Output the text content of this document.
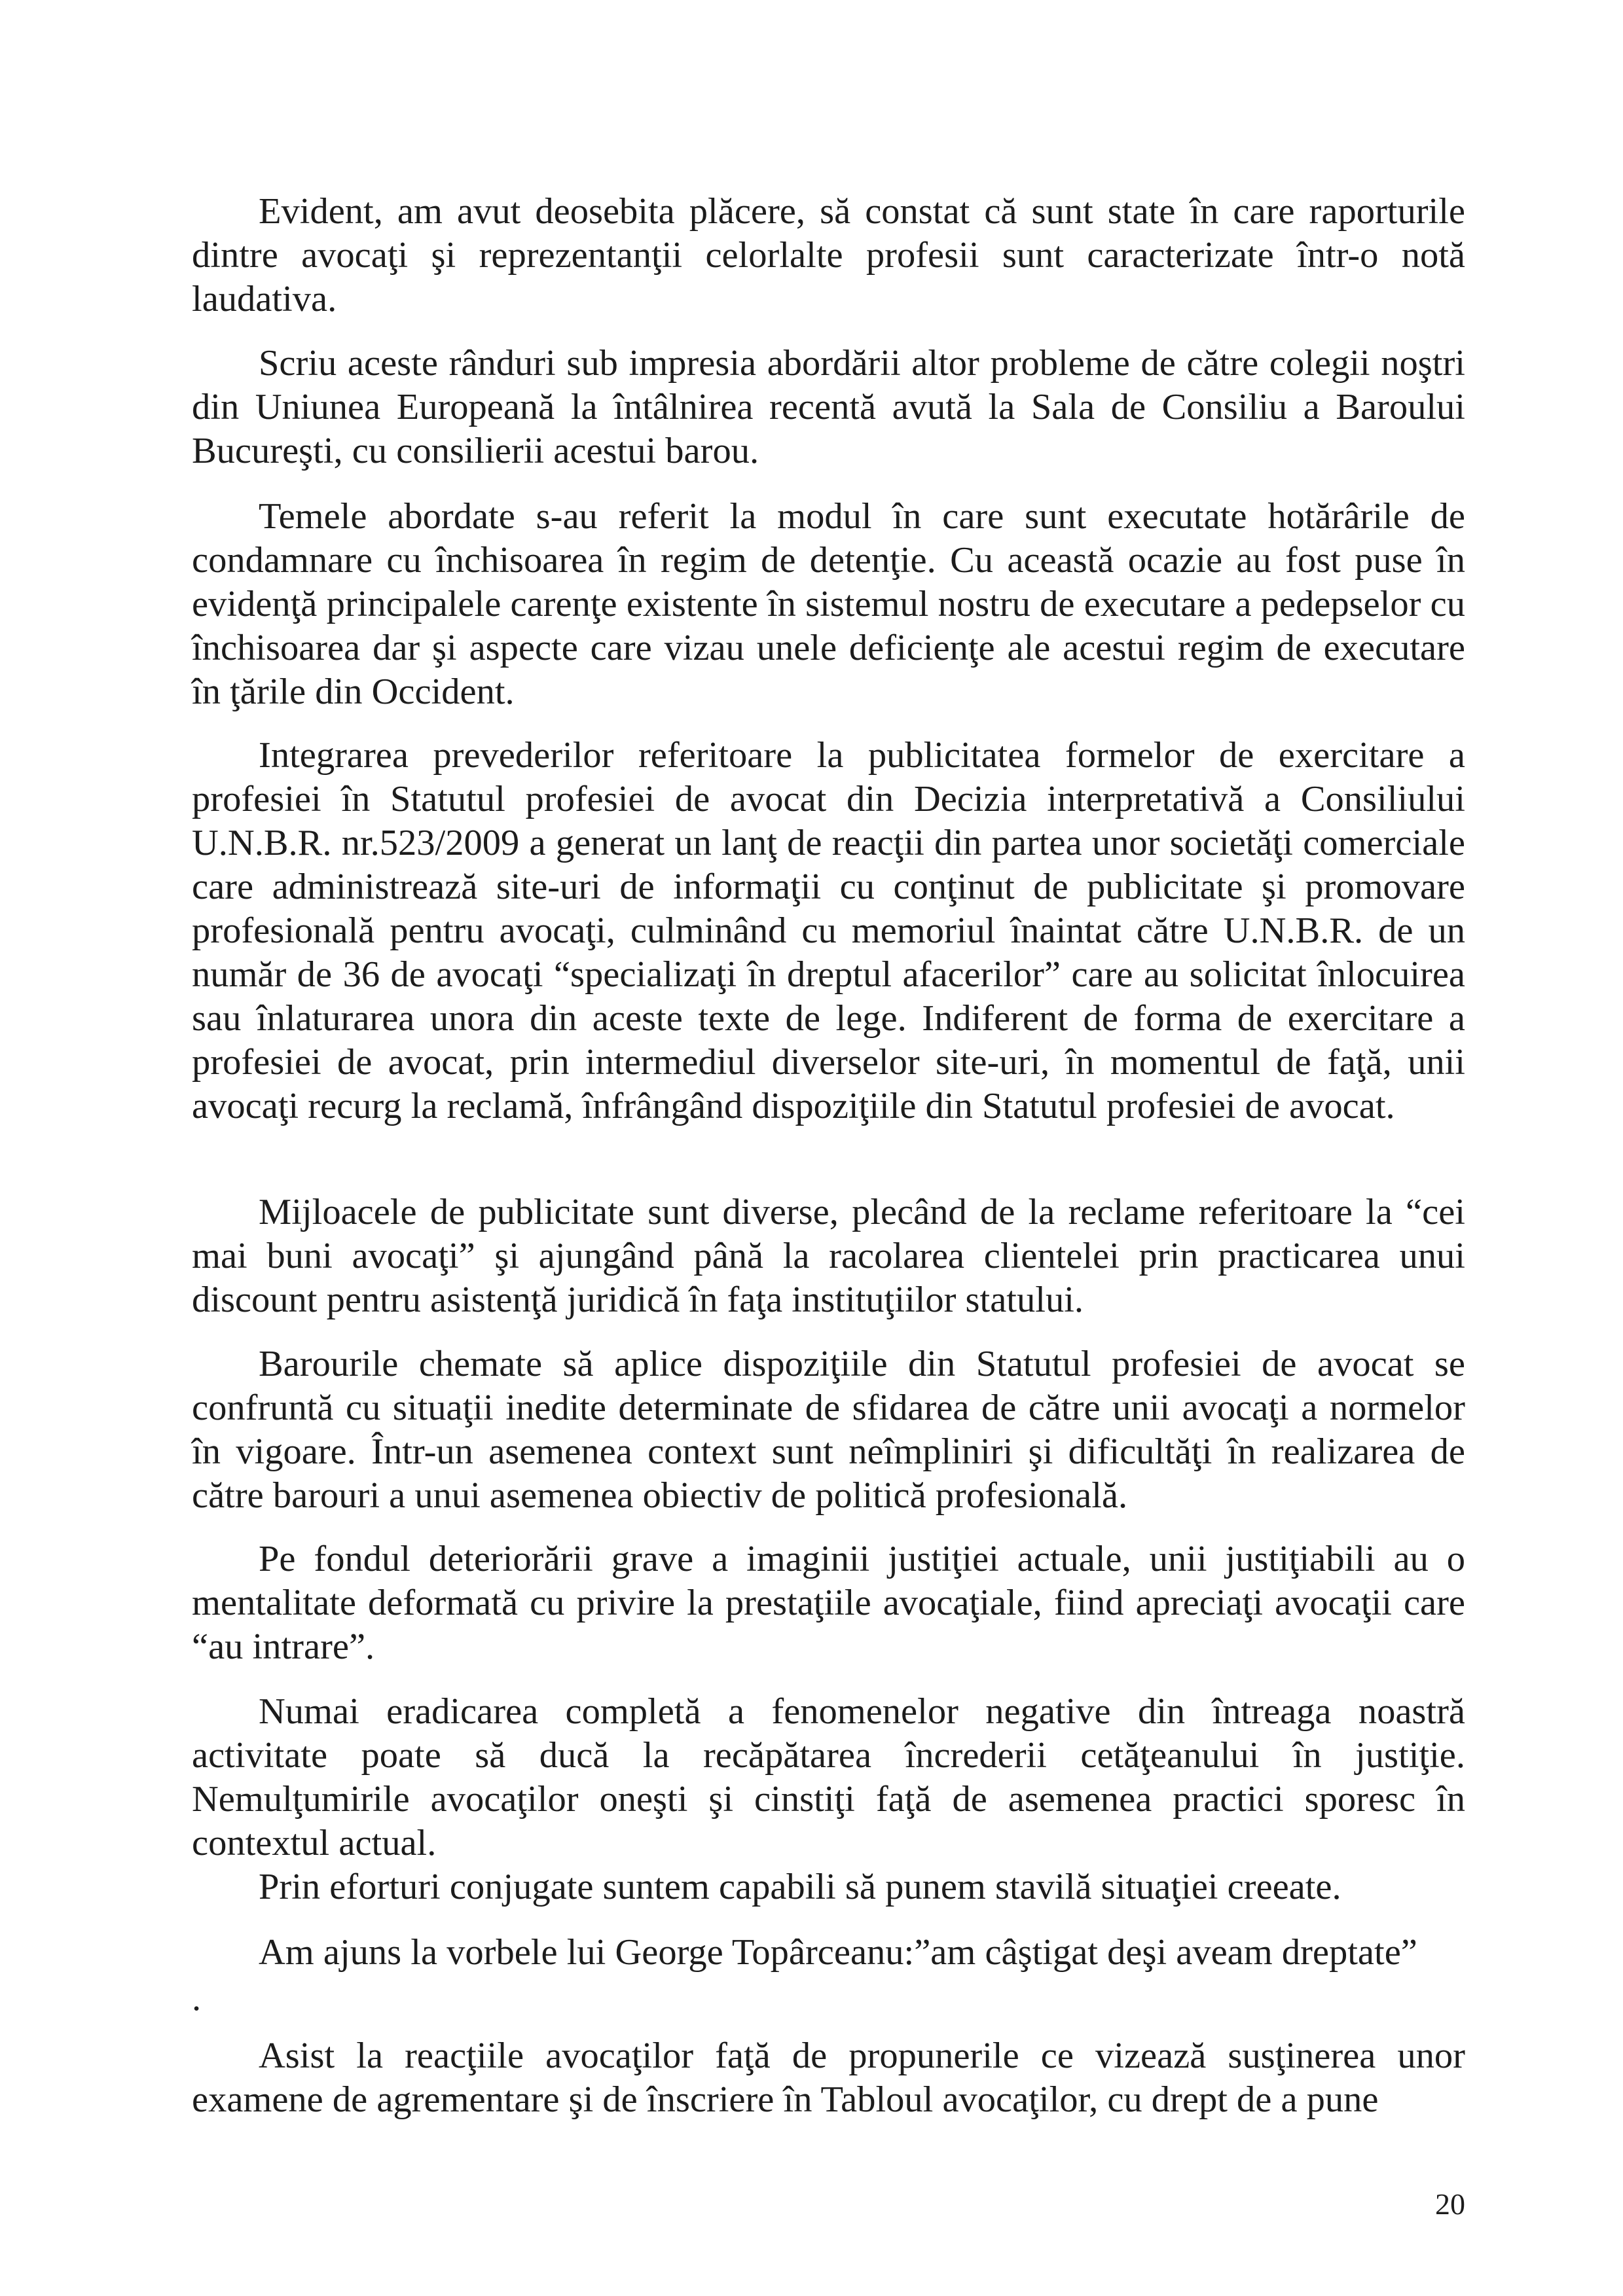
Evident, am avut deosebita plăcere, să constat că sunt state în care raporturile dintre avocaţi şi reprezentanţii celorlalte profesii sunt caracterizate într-o notă laudativa.

Scriu aceste rânduri sub impresia abordării altor probleme de către colegii noştri din Uniunea Europeană la întâlnirea recentă avută la Sala de Consiliu a Baroului Bucureşti, cu consilierii acestui barou.

Temele abordate s-au referit la modul în care sunt executate hotărârile de condamnare cu închisoarea în regim de detenţie. Cu această ocazie au fost puse în evidenţă principalele carenţe existente în sistemul nostru de executare a pedepselor cu închisoarea dar şi aspecte care vizau unele deficienţe ale acestui regim de executare în ţările din Occident.

Integrarea prevederilor referitoare la publicitatea formelor de exercitare a profesiei în Statutul profesiei de avocat din Decizia interpretativă a Consiliului U.N.B.R. nr.523/2009 a generat un lanţ de reacţii din partea unor societăţi comerciale care administrează site-uri de informaţii cu conţinut de publicitate şi promovare profesională pentru avocaţi, culminând cu memoriul înaintat către U.N.B.R. de un număr de 36 de avocaţi “specializaţi în dreptul afacerilor” care au solicitat înlocuirea sau înlaturarea unora din aceste texte de lege. Indiferent de forma de exercitare a profesiei de avocat, prin intermediul diverselor site-uri, în momentul de faţă, unii avocaţi recurg la reclamă, înfrângând dispoziţiile din Statutul profesiei de avocat.

Mijloacele de publicitate sunt diverse, plecând de la reclame referitoare la “cei mai buni avocaţi” şi ajungând până la racolarea clientelei prin practicarea unui discount pentru asistenţă juridică în faţa instituţiilor statului.

Barourile chemate să aplice dispoziţiile din Statutul profesiei de avocat se confruntă cu situaţii inedite determinate de sfidarea de către unii avocaţi a normelor în vigoare. Într-un asemenea context sunt neîmpliniri şi dificultăţi în realizarea de către barouri a unui asemenea obiectiv de politică profesională.

Pe fondul deteriorării grave a imaginii justiţiei actuale, unii justiţiabili au o mentalitate deformată cu privire la prestaţiile avocaţiale, fiind apreciaţi avocaţii care “au intrare”.

Numai eradicarea completă a fenomenelor negative din întreaga noastră activitate poate să ducă la recăpătarea încrederii cetăţeanului în justiţie. Nemulţumirile avocaţilor oneşti şi cinstiţi faţă de asemenea practici sporesc în contextul actual.

Prin eforturi conjugate suntem capabili să punem stavilă situaţiei creeate.

Am ajuns la vorbele lui George Topârceanu:”am câştigat deşi aveam dreptate”

.

Asist la reacţiile avocaţilor faţă de propunerile ce vizează susţinerea unor examene de agrementare şi de înscriere în Tabloul avocaţilor, cu drept de a pune

20
